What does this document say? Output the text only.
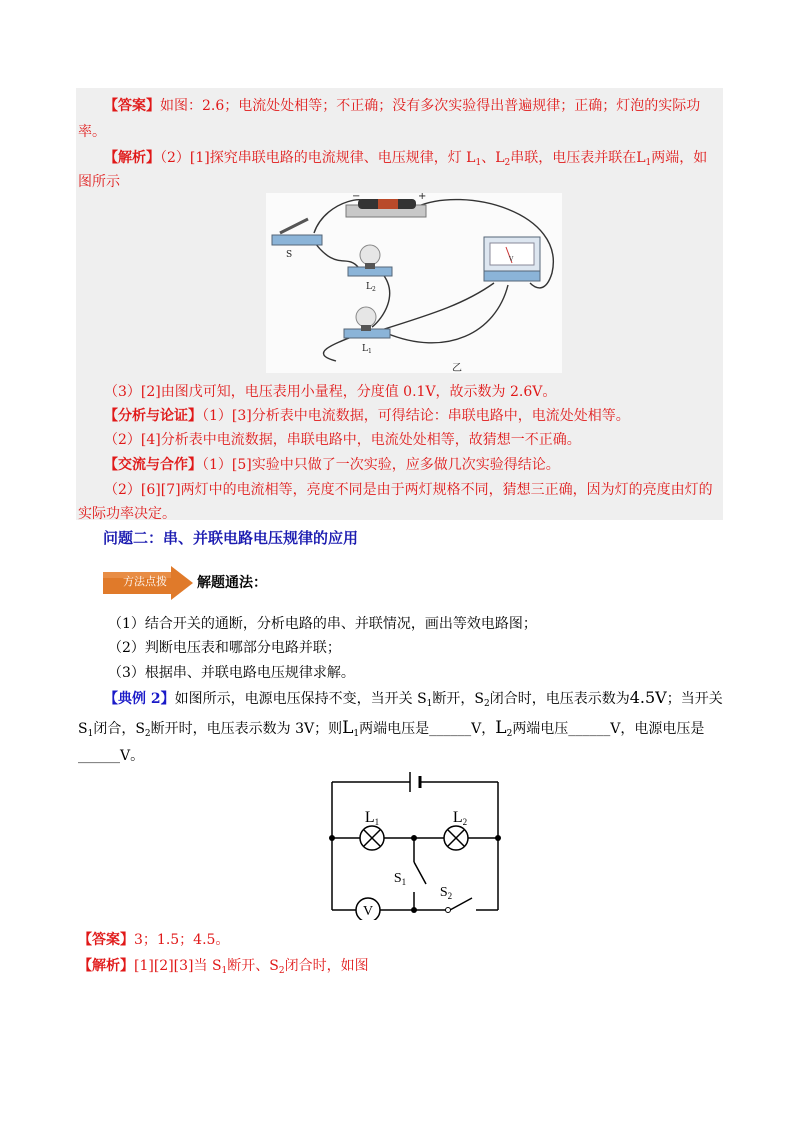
【答案】如图：2.6；电流处处相等；不正确；没有多次实验得出普遍规律；正确；灯泡的实际功
率。
【解析】（2）[1]探究串联电路的电流规律、电压规律，灯 $L_1$、$L_2$串联，电压表并联在$L_1$两端，如
图所示
−	+
S
$L_2$
$L_1$
V
乙
（3）[2]由图戊可知，电压表用小量程，分度值 0.1V，故示数为 2.6V。
【分析与论证】（1）[3]分析表中电流数据，可得结论：串联电路中，电流处处相等。
（2）[4]分析表中电流数据，串联电路中，电流处处相等，故猜想一不正确。
【交流与合作】（1）[5]实验中只做了一次实验，应多做几次实验得结论。
（2）[6][7]两灯中的电流相等，亮度不同是由于两灯规格不同，猜想三正确，因为灯的亮度由灯的
实际功率决定。
问题二：串、并联电路电压规律的应用
方法点拨	解题通法：
（1）结合开关的通断，分析电路的串、并联情况，画出等效电路图；
（2）判断电压表和哪部分电路并联；
（3）根据串、并联电路电压规律求解。
【典例 2】如图所示，电源电压保持不变，当开关 $S_1$断开，$S_2$闭合时，电压表示数为4.5V；当开关
$S_1$闭合，$S_2$断开时，电压表示数为 3V；则$L_1$两端电压是______V，$L_2$两端电压______V，电源电压是
______V。
L1	L2
$S_1$
$S_2$
V
【答案】3；1.5；4.5。
【解析】[1][2][3]当 $S_1$断开、$S_2$闭合时，如图
